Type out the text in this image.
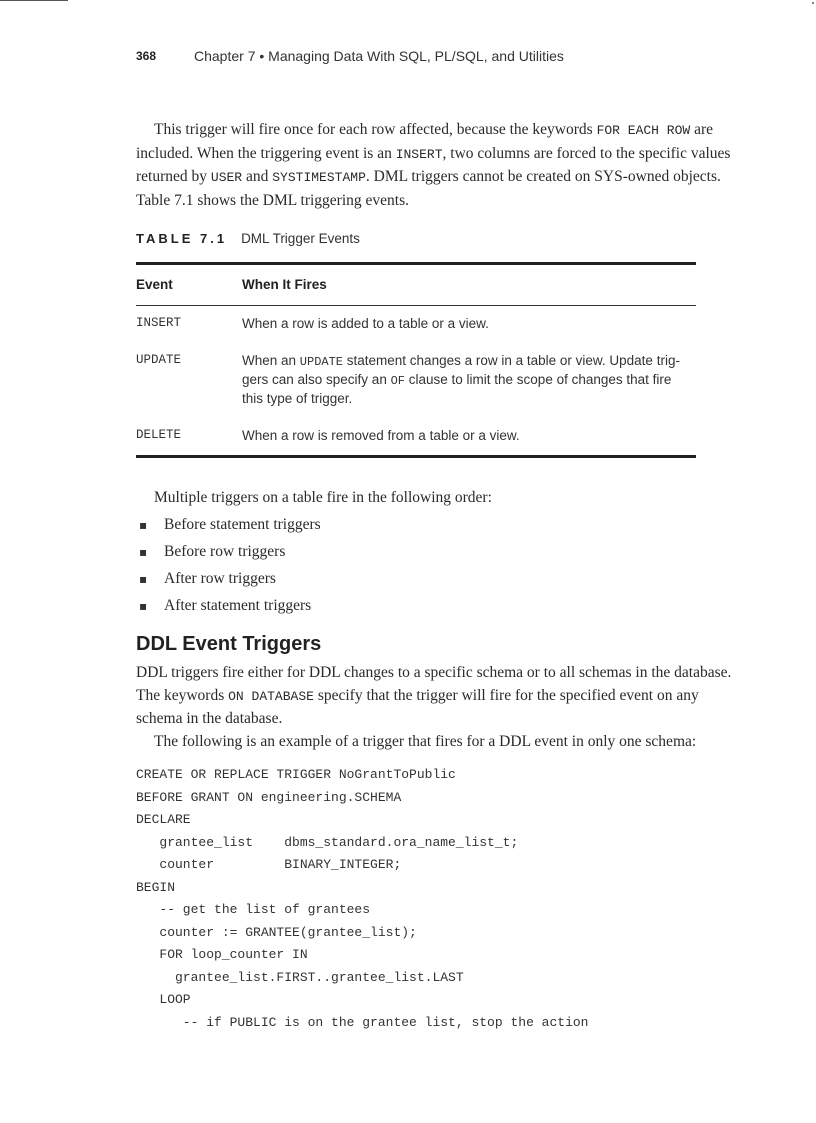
368	Chapter 7 • Managing Data With SQL, PL/SQL, and Utilities
This trigger will fire once for each row affected, because the keywords FOR EACH ROW are
included. When the triggering event is an INSERT, two columns are forced to the specific values
returned by USER and SYSTIMESTAMP. DML triggers cannot be created on SYS-owned objects.
Table 7.1 shows the DML triggering events.
TABLE 7.1 DML Trigger Events
Event	When It Fires
INSERT	When a row is added to a table or a view.
UPDATE	When an UPDATE statement changes a row in a table or view. Update trig-
gers can also specify an OF clause to limit the scope of changes that fire
this type of trigger.
DELETE	When a row is removed from a table or a view.
Multiple triggers on a table fire in the following order:
▪ Before statement triggers
▪ Before row triggers
▪ After row triggers
▪ After statement triggers
DDL Event Triggers
DDL triggers fire either for DDL changes to a specific schema or to all schemas in the database.
The keywords ON DATABASE specify that the trigger will fire for the specified event on any
schema in the database.
The following is an example of a trigger that fires for a DDL event in only one schema:
CREATE OR REPLACE TRIGGER NoGrantToPublic
BEFORE GRANT ON engineering.SCHEMA
DECLARE
grantee_list    dbms_standard.ora_name_list_t;
counter         BINARY_INTEGER;
BEGIN
-- get the list of grantees
counter := GRANTEE(grantee_list);
FOR loop_counter IN
grantee_list.FIRST..grantee_list.LAST
LOOP
-- if PUBLIC is on the grantee list, stop the action
